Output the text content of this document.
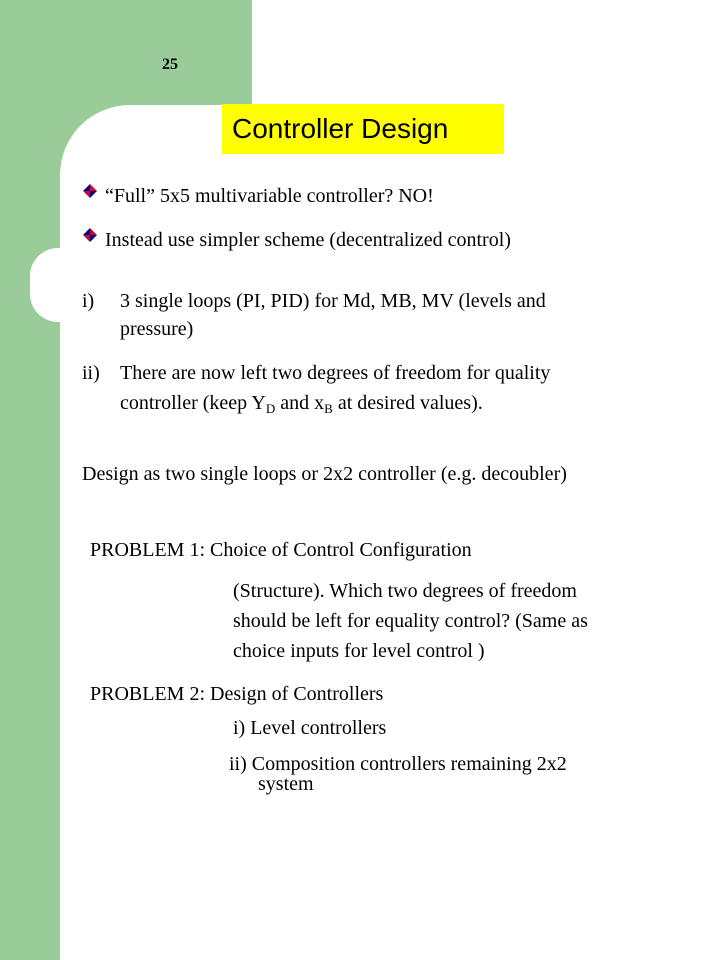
25
Controller Design
“Full” 5x5 multivariable controller? NO!
Instead use simpler scheme (decentralized control)
i) 3 single loops (PI, PID) for Md, MB, MV (levels and
pressure)
ii) There are now left two degrees of freedom for quality
controller (keep $Y_D$ and $x_B$ at desired values).
Design as two single loops or 2x2 controller (e.g. decoubler)
PROBLEM 1: Choice of Control Configuration
(Structure). Which two degrees of freedom
should be left for equality control? (Same as
choice inputs for level control )
PROBLEM 2: Design of Controllers
i) Level controllers
ii) Composition controllers remaining 2x2
system
